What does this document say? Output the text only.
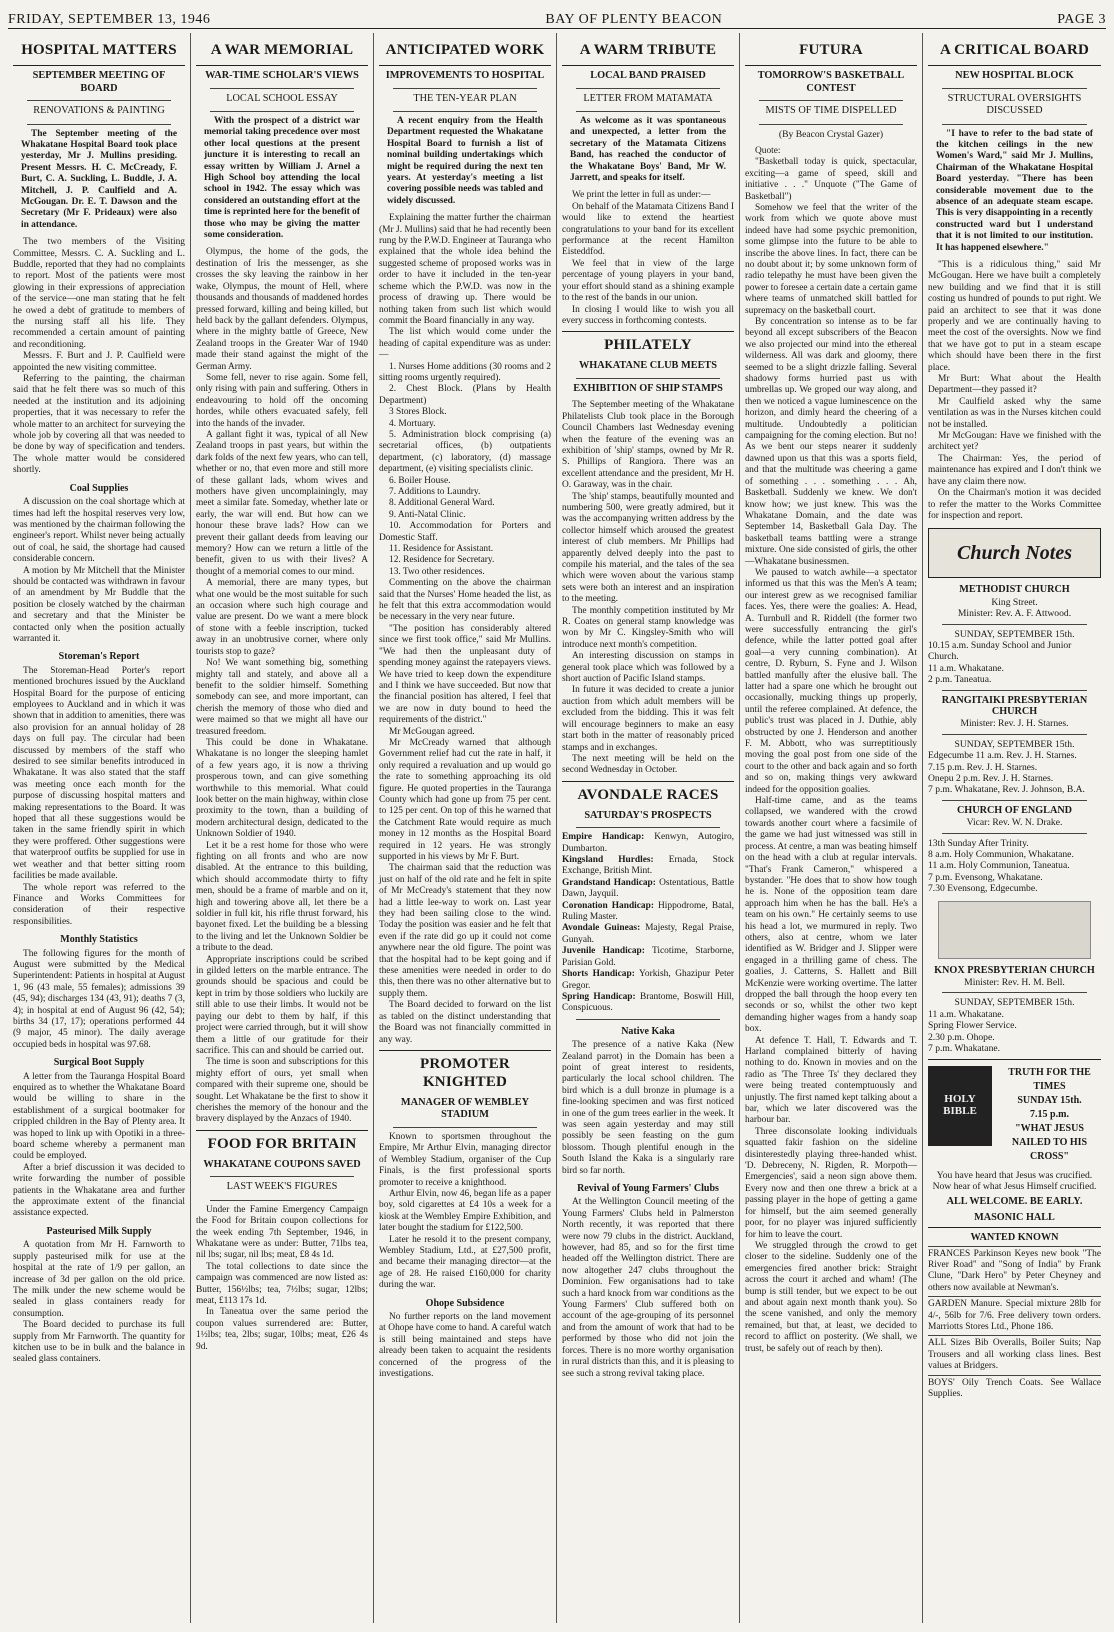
FRIDAY, SEPTEMBER 13, 1946	BAY OF PLENTY BEACON	PAGE 3
HOSPITAL MATTERS
SEPTEMBER MEETING OF BOARD
RENOVATIONS & PAINTING

The September meeting of the Whakatane Hospital Board took place yesterday, Mr J. Mullins presiding. Present Messrs. H. C. McCready, F. Burt, C. A. Suckling, L. Buddle, J. A. Mitchell, J. P. Caulfield and A. McGougan. Dr. E. T. Dawson and the Secretary (Mr F. Prideaux) were also in attendance.

The two members of the Visiting Committee, Messrs. C. A. Suckling and L. Buddle, reported that they had no complaints to report. Most of the patients were most glowing in their expressions of appreciation of the service—one man stating that he felt he owed a debt of gratitude to members of the nursing staff all his life. They recommended a certain amount of painting and reconditioning.

Messrs. F. Burt and J. P. Caulfield were appointed the new visiting committee.

Referring to the painting, the chairman said that he felt there was so much of this needed at the institution and its adjoining properties, that it was necessary to refer the whole matter to an architect for surveying the whole job by covering all that was needed to be done by way of specification and tenders. The whole matter would be considered shortly.

Coal Supplies

A discussion on the coal shortage which at times had left the hospital reserves very low, was mentioned by the chairman following the engineer's report. Whilst never being actually out of coal, he said, the shortage had caused considerable concern.

A motion by Mr Mitchell that the Minister should be contacted was withdrawn in favour of an amendment by Mr Buddle that the position be closely watched by the chairman and secretary and that the Minister be contacted only when the position actually warranted it.

Storeman's Report

The Storeman-Head Porter's report mentioned brochures issued by the Auckland Hospital Board for the purpose of enticing employees to Auckland and in which it was shown that in addition to amenities, there was also provision for an annual holiday of 28 days on full pay. The circular had been discussed by members of the staff who desired to see similar benefits introduced in Whakatane. It was also stated that the staff was meeting once each month for the purpose of discussing hospital matters and making representations to the Board. It was hoped that all these suggestions would be taken in the same friendly spirit in which they were proffered. Other suggestions were that waterproof outfits be supplied for use in wet weather and that better sitting room facilities be made available.

The whole report was referred to the Finance and Works Committees for consideration of their respective responsibilities.

Monthly Statistics

The following figures for the month of August were submitted by the Medical Superintendent: Patients in hospital at August 1, 96 (43 male, 55 females); admissions 39 (45, 94); discharges 134 (43, 91); deaths 7 (3, 4); in hospital at end of August 96 (42, 54); births 34 (17, 17); operations performed 44 (9 major, 45 minor). The daily average occupied beds in hospital was 97.68.

Surgical Boot Supply

A letter from the Tauranga Hospital Board enquired as to whether the Whakatane Board would be willing to share in the establishment of a surgical bootmaker for crippled children in the Bay of Plenty area. It was hoped to link up with Opotiki in a three-board scheme whereby a permanent man could be employed.

After a brief discussion it was decided to write forwarding the number of possible patients in the Whakatane area and further the approximate extent of the financial assistance expected.

Pasteurised Milk Supply

A quotation from Mr H. Farnworth to supply pasteurised milk for use at the hospital at the rate of 1/9 per gallon, an increase of 3d per gallon on the old price. The milk under the new scheme would be sealed in glass containers ready for consumption.

The Board decided to purchase its full supply from Mr Farnworth. The quantity for kitchen use to be in bulk and the balance in sealed glass containers.

A WAR MEMORIAL
WAR-TIME SCHOLAR'S VIEWS
LOCAL SCHOOL ESSAY

With the prospect of a district war memorial taking precedence over most other local questions at the present juncture it is interesting to recall an essay written by William J. Arnel a High School boy attending the local school in 1942. The essay which was considered an outstanding effort at the time is reprinted here for the benefit of those who may be giving the matter some consideration.

Olympus, the home of the gods, the destination of Iris the messenger, as she crosses the sky leaving the rainbow in her wake, Olympus, the mount of Hell, where thousands and thousands of maddened hordes pressed forward, killing and being killed, but held back by the gallant defenders. Olympus, where in the mighty battle of Greece, New Zealand troops in the Greater War of 1940 made their stand against the might of the German Army.

Some fell, never to rise again. Some fell, only rising with pain and suffering. Others in endeavouring to hold off the oncoming hordes, while others evacuated safely, fell into the hands of the invader.

A gallant fight it was, typical of all New Zealand troops in past years, but within the dark folds of the next few years, who can tell, whether or no, that even more and still more of these gallant lads, whom wives and mothers have given uncomplainingly, may meet a similar fate. Someday, whether late or early, the war will end. But how can we honour these brave lads? How can we prevent their gallant deeds from leaving our memory? How can we return a little of the benefit, given to us with their lives? A thought of a memorial comes to our mind.

A memorial, there are many types, but what one would be the most suitable for such an occasion where such high courage and value are present. Do we want a mere block of stone with a feeble inscription, tucked away in an unobtrusive corner, where only tourists stop to gaze?

No! We want something big, something mighty tall and stately, and above all a benefit to the soldier himself. Something somebody can see, and more important, can cherish the memory of those who died and were maimed so that we might all have our treasured freedom.

This could be done in Whakatane. Whakatane is no longer the sleeping hamlet of a few years ago, it is now a thriving prosperous town, and can give something worthwhile to this memorial. What could look better on the main highway, within close proximity to the town, than a building of modern architectural design, dedicated to the Unknown Soldier of 1940.

Let it be a rest home for those who were fighting on all fronts and who are now disabled. At the entrance to this building, which should accommodate thirty to fifty men, should be a frame of marble and on it, high and towering above all, let there be a soldier in full kit, his rifle thrust forward, his bayonet fixed. Let the building be a blessing to the living and let the Unknown Soldier be a tribute to the dead.

Appropriate inscriptions could be scribed in gilded letters on the marble entrance. The grounds should be spacious and could be kept in trim by those soldiers who luckily are still able to use their limbs. It would not be paying our debt to them by half, if this project were carried through, but it will show them a little of our gratitude for their sacrifice. This can and should be carried out.

The time is soon and subscriptions for this mighty effort of ours, yet small when compared with their supreme one, should be sought. Let Whakatane be the first to show it cherishes the memory of the honour and the bravery displayed by the Anzacs of 1940.

FOOD FOR BRITAIN
WHAKATANE COUPONS SAVED
LAST WEEK'S FIGURES

Under the Famine Emergency Campaign the Food for Britain coupon collections for the week ending 7th September, 1946, in Whakatane were as under: Butter, 71lbs tea, nil lbs; sugar, nil lbs; meat, £8 4s 1d.

The total collections to date since the campaign was commenced are now listed as: Butter, 156½lbs; tea, 7½lbs; sugar, 12lbs; meat, £113 17s 1d.

In Taneatua over the same period the coupon values surrendered are: Butter, 1½lbs; tea, 2lbs; sugar, 10lbs; meat, £26 4s 9d.

ANTICIPATED WORK
IMPROVEMENTS TO HOSPITAL
THE TEN-YEAR PLAN

A recent enquiry from the Health Department requested the Whakatane Hospital Board to furnish a list of nominal building undertakings which might be required during the next ten years. At yesterday's meeting a list covering possible needs was tabled and widely discussed.

Explaining the matter further the chairman (Mr J. Mullins) said that he had recently been rung by the P.W.D. Engineer at Tauranga who explained that the whole idea behind the suggested scheme of proposed works was in order to have it included in the ten-year scheme which the P.W.D. was now in the process of drawing up. There would be nothing taken from such list which would commit the Board financially in any way.

The list which would come under the heading of capital expenditure was as under:—

1. Nurses Home additions (30 rooms and 2 sitting rooms urgently required).

2. Chest Block. (Plans by Health Department)

3 Stores Block.

4. Mortuary.

5. Administration block comprising (a) secretarial offices, (b) outpatients department, (c) laboratory, (d) massage department, (e) visiting specialists clinic.

6. Boiler House.

7. Additions to Laundry.

8. Additional General Ward.

9. Anti-Natal Clinic.

10. Accommodation for Porters and Domestic Staff.

11. Residence for Assistant.

12. Residence for Secretary.

13. Two other residences.

Commenting on the above the chairman said that the Nurses' Home headed the list, as he felt that this extra accommodation would be necessary in the very near future.

"The position has considerably altered since we first took office," said Mr Mullins. "We had then the unpleasant duty of spending money against the ratepayers views. We have tried to keep down the expenditure and I think we have succeeded. But now that the financial position has altered, I feel that we are now in duty bound to heed the requirements of the district."

Mr McGougan agreed.

Mr McCready warned that although Government relief had cut the rate in half, it only required a revaluation and up would go the rate to something approaching its old figure. He quoted properties in the Tauranga County which had gone up from 75 per cent. to 125 per cent. On top of this he warned that the Catchment Rate would require as much money in 12 months as the Hospital Board required in 12 years. He was strongly supported in his views by Mr F. Burt.

The chairman said that the reduction was just on half of the old rate and he felt in spite of Mr McCready's statement that they now had a little lee-way to work on. Last year they had been sailing close to the wind. Today the position was easier and he felt that even if the rate did go up it could not come anywhere near the old figure. The point was that the hospital had to be kept going and if these amenities were needed in order to do this, then there was no other alternative but to supply them.

The Board decided to forward on the list as tabled on the distinct understanding that the Board was not financially committed in any way.

PROMOTER KNIGHTED
MANAGER OF WEMBLEY STADIUM

Known to sportsmen throughout the Empire, Mr Arthur Elvin, managing director of Wembley Stadium, organiser of the Cup Finals, is the first professional sports promoter to receive a knighthood.

Arthur Elvin, now 46, began life as a paper boy, sold cigarettes at £4 10s a week for a kiosk at the Wembley Empire Exhibition, and later bought the stadium for £122,500.

Later he resold it to the present company, Wembley Stadium, Ltd., at £27,500 profit, and became their managing director—at the age of 28. He raised £160,000 for charity during the war.

Ohope Subsidence

No further reports on the land movement at Ohope have come to hand. A careful watch is still being maintained and steps have already been taken to acquaint the residents concerned of the progress of the investigations.

A WARM TRIBUTE
LOCAL BAND PRAISED
LETTER FROM MATAMATA

As welcome as it was spontaneous and unexpected, a letter from the secretary of the Matamata Citizens Band, has reached the conductor of the Whakatane Boys' Band, Mr W. Jarrett, and speaks for itself.

We print the letter in full as under:—

On behalf of the Matamata Citizens Band I would like to extend the heartiest congratulations to your band for its excellent performance at the recent Hamilton Eisteddfod.

We feel that in view of the large percentage of young players in your band, your effort should stand as a shining example to the rest of the bands in our union.

In closing I would like to wish you all every success in forthcoming contests.

PHILATELY
WHAKATANE CLUB MEETS
EXHIBITION OF SHIP STAMPS

The September meeting of the Whakatane Philatelists Club took place in the Borough Council Chambers last Wednesday evening when the feature of the evening was an exhibition of 'ship' stamps, owned by Mr R. S. Phillips of Rangiora. There was an excellent attendance and the president, Mr H. O. Garaway, was in the chair.

The 'ship' stamps, beautifully mounted and numbering 500, were greatly admired, but it was the accompanying written address by the collector himself which aroused the greatest interest of club members. Mr Phillips had apparently delved deeply into the past to compile his material, and the tales of the sea which were woven about the various stamp sets were both an interest and an inspiration to the meeting.

The monthly competition instituted by Mr R. Coates on general stamp knowledge was won by Mr C. Kingsley-Smith who will introduce next month's competition.

An interesting discussion on stamps in general took place which was followed by a short auction of Pacific Island stamps.

In future it was decided to create a junior auction from which adult members will be excluded from the bidding. This it was felt will encourage beginners to make an easy start both in the matter of reasonably priced stamps and in exchanges.

The next meeting will be held on the second Wednesday in October.

AVONDALE RACES
SATURDAY'S PROSPECTS

Empire Handicap: Kenwyn, Autogiro, Dumbarton.

Kingsland Hurdles: Ernada, Stock Exchange, British Mint.

Grandstand Handicap: Ostentatious, Battle Dawn, Jayquil.

Coronation Handicap: Hippodrome, Batal, Ruling Master.

Avondale Guineas: Majesty, Regal Praise, Gunyah.

Juvenile Handicap: Ticotime, Starborne, Parisian Gold.

Shorts Handicap: Yorkish, Ghazipur Peter Gregor.

Spring Handicap: Brantome, Boswill Hill, Conspicuous.

Native Kaka

The presence of a native Kaka (New Zealand parrot) in the Domain has been a point of great interest to residents, particularly the local school children. The bird which is a dull bronze in plumage is a fine-looking specimen and was first noticed in one of the gum trees earlier in the week. It was seen again yesterday and may still possibly be seen feasting on the gum blossom. Though plentiful enough in the South Island the Kaka is a singularly rare bird so far north.

Revival of Young Farmers' Clubs

At the Wellington Council meeting of the Young Farmers' Clubs held in Palmerston North recently, it was reported that there were now 79 clubs in the district. Auckland, however, had 85, and so for the first time headed off the Wellington district. There are now altogether 247 clubs throughout the Dominion. Few organisations had to take such a hard knock from war conditions as the Young Farmers' Club suffered both on account of the age-grouping of its personnel and from the amount of work that had to be performed by those who did not join the forces. There is no more worthy organisation in rural districts than this, and it is pleasing to see such a strong revival taking place.

FUTURA
TOMORROW'S BASKETBALL CONTEST
MISTS OF TIME DISPELLED
(By Beacon Crystal Gazer)

Quote:

"Basketball today is quick, spectacular, exciting—a game of speed, skill and initiative . . ." Unquote ("The Game of Basketball")

Somehow we feel that the writer of the work from which we quote above must indeed have had some psychic premonition, some glimpse into the future to be able to inscribe the above lines. In fact, there can be no doubt about it; by some unknown form of radio telepathy he must have been given the power to foresee a certain date a certain game where teams of unmatched skill battled for supremacy on the basketball court.

By concentration so intense as to be far beyond all except subscribers of the Beacon we also projected our mind into the ethereal wilderness. All was dark and gloomy, there seemed to be a slight drizzle falling. Several shadowy forms hurried past us with umbrellas up. We groped our way along, and then we noticed a vague luminescence on the horizon, and dimly heard the cheering of a multitude. Undoubtedly a politician campaigning for the coming election. But no! As we bent our steps nearer it suddenly dawned upon us that this was a sports field, and that the multitude was cheering a game of something . . . something . . . Ah, Basketball. Suddenly we knew. We don't know how; we just knew. This was the Whakatane Domain, and the date was September 14, Basketball Gala Day. The basketball teams battling were a strange mixture. One side consisted of girls, the other—Whakatane businessmen.

We paused to watch awhile—a spectator informed us that this was the Men's A team; our interest grew as we recognised familiar faces. Yes, there were the goalies: A. Head, A. Turnbull and R. Riddell (the former two were successfully entrancing the girl's defence, while the latter potted goal after goal—a very cunning combination). At centre, D. Ryburn, S. Fyne and J. Wilson battled manfully after the elusive ball. The latter had a spare one which he brought out occasionally, mucking things up properly, until the referee complained. At defence, the public's trust was placed in J. Duthie, ably obstructed by one J. Henderson and another F. M. Abbott, who was surreptitiously moving the goal post from one side of the court to the other and back again and so forth and so on, making things very awkward indeed for the opposition goalies.

Half-time came, and as the teams collapsed, we wandered with the crowd towards another court where a facsimile of the game we had just witnessed was still in process. At centre, a man was beating himself on the head with a club at regular intervals. "That's Frank Cameron," whispered a bystander. "He does that to show how tough he is. None of the opposition team dare approach him when he has the ball. He's a team on his own." He certainly seems to use his head a lot, we murmured in reply. Two others, also at centre, whom we later identified as W. Bridger and J. Slipper were engaged in a thrilling game of chess. The goalies, J. Catterns, S. Hallett and Bill McKenzie were working overtime. The latter dropped the ball through the hoop every ten seconds or so, whilst the other two kept demanding higher wages from a handy soap box.

At defence T. Hall, T. Edwards and T. Harland complained bitterly of having nothing to do. Known in movies and on the radio as 'The Three Ts' they declared they were being treated contemptuously and unjustly. The first named kept talking about a bar, which we later discovered was the harbour bar.

Three disconsolate looking individuals squatted fakir fashion on the sideline disinterestedly playing three-handed whist. 'D. Debreceny, N. Rigden, R. Morpoth—Emergencies', said a neon sign above them. Every now and then one threw a brick at a passing player in the hope of getting a game for himself, but the aim seemed generally poor, for no player was injured sufficiently for him to leave the court.

We struggled through the crowd to get closer to the sideline. Suddenly one of the emergencies fired another brick: Straight across the court it arched and wham! (The bump is still tender, but we expect to be out and about again next month thank you). So the scene vanished, and only the memory remained, but that, at least, we decided to record to afflict on posterity. (We shall, we trust, be safely out of reach by then).

A CRITICAL BOARD
NEW HOSPITAL BLOCK
STRUCTURAL OVERSIGHTS DISCUSSED

"I have to refer to the bad state of the kitchen ceilings in the new Women's Ward," said Mr J. Mullins, Chairman of the Whakatane Hospital Board yesterday. "There has been considerable movement due to the absence of an adequate steam escape. This is very disappointing in a recently constructed ward but I understand that it is not limited to our institution. It has happened elsewhere."

"This is a ridiculous thing," said Mr McGougan. Here we have built a completely new building and we find that it is still costing us hundred of pounds to put right. We paid an architect to see that it was done properly and we are continually having to meet the cost of the oversights. Now we find that we have got to put in a steam escape which should have been there in the first place.

Mr Burt: What about the Health Department—they passed it?

Mr Caulfield asked why the same ventilation as was in the Nurses kitchen could not be installed.

Mr McGougan: Have we finished with the architect yet?

The Chairman: Yes, the period of maintenance has expired and I don't think we have any claim there now.

On the Chairman's motion it was decided to refer the matter to the Works Committee for inspection and report.

Church Notes
METHODIST CHURCH

King Street.

Minister: Rev. A. F. Attwood.

SUNDAY, SEPTEMBER 15th.

10.15 a.m. Sunday School and Junior Church.

11 a.m. Whakatane.

2 p.m. Taneatua.

RANGITAIKI PRESBYTERIAN CHURCH

Minister: Rev. J. H. Starnes.

SUNDAY, SEPTEMBER 15th.

Edgecumbe 11 a.m. Rev. J. H. Starnes.

7.15 p.m. Rev. J. H. Starnes.

Onepu 2 p.m. Rev. J. H. Starnes.

7 p.m. Whakatane, Rev. J. Johnson, B.A.

CHURCH OF ENGLAND

Vicar: Rev. W. N. Drake.

13th Sunday After Trinity.

8 a.m. Holy Communion, Whakatane.

11 a.m. Holy Communion, Taneatua.

7 p.m. Evensong, Whakatane.

7.30 Evensong, Edgecumbe.

KNOX PRESBYTERIAN CHURCH

Minister: Rev. H. M. Bell.

SUNDAY, SEPTEMBER 15th.

11 a.m. Whakatane.

Spring Flower Service.

2.30 p.m. Ohope.

7 p.m. Whakatane.

HOLY BIBLE
TRUTH FOR THE TIMES
SUNDAY 15th.
7.15 p.m.
"WHAT JESUS NAILED TO HIS CROSS"

You have heard that Jesus was crucified. Now hear of what Jesus Himself crucified.

ALL WELCOME. BE EARLY.
MASONIC HALL
WANTED KNOWN

FRANCES Parkinson Keyes new book "The River Road" and "Song of India" by Frank Clune, "Dark Hero" by Peter Cheyney and others now available at Newman's.

GARDEN Manure. Special mixture 28lb for 4/-, 56lb for 7/6. Free delivery town orders. Marriotts Stores Ltd., Phone 186.

ALL Sizes Bib Overalls, Boiler Suits; Nap Trousers and all working class lines. Best values at Bridgers.

BOYS' Oily Trench Coats. See Wallace Supplies.
